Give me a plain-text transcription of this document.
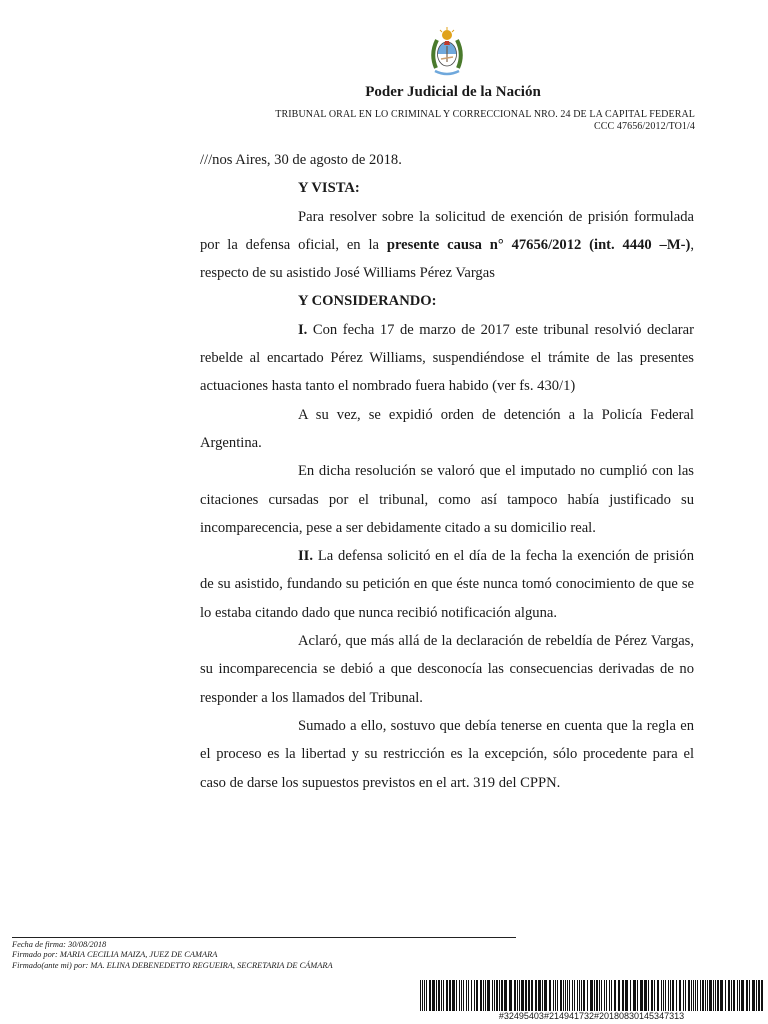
Poder Judicial de la Nación
TRIBUNAL ORAL EN LO CRIMINAL Y CORRECCIONAL NRO. 24 DE LA CAPITAL FEDERAL
CCC 47656/2012/TO1/4

///nos Aires, 30 de agosto de 2018.

Y VISTA:

Para resolver sobre la solicitud de exención de prisión formulada por la defensa oficial, en la presente causa n° 47656/2012 (int. 4440 –M-), respecto de su asistido José Williams Pérez Vargas

Y CONSIDERANDO:

I. Con fecha 17 de marzo de 2017 este tribunal resolvió declarar rebelde al encartado Pérez Williams, suspendiéndose el trámite de las presentes actuaciones hasta tanto el nombrado fuera habido (ver fs. 430/1)

A su vez, se expidió orden de detención a la Policía Federal Argentina.

En dicha resolución se valoró que el imputado no cumplió con las citaciones cursadas por el tribunal, como así tampoco había justificado su incomparecencia, pese a ser debidamente citado a su domicilio real.

II. La defensa solicitó en el día de la fecha la exención de prisión de su asistido, fundando su petición en que éste nunca tomó conocimiento de que se lo estaba citando dado que nunca recibió notificación alguna.

Aclaró, que más allá de la declaración de rebeldía de Pérez Vargas, su incomparecencia se debió a que desconocía las consecuencias derivadas de no responder a los llamados del Tribunal.

Sumado a ello, sostuvo que debía tenerse en cuenta que la regla en el proceso es la libertad y su restricción es la excepción, sólo procedente para el caso de darse los supuestos previstos en el art. 319 del CPPN.

Fecha de firma: 30/08/2018
Firmado por: MARIA CECILIA MAIZA, JUEZ DE CAMARA
Firmado(ante mi) por: MA. ELINA DEBENEDETTO REGUEIRA, SECRETARIA DE CÁMARA
#32495403#214941732#20180830145347313
